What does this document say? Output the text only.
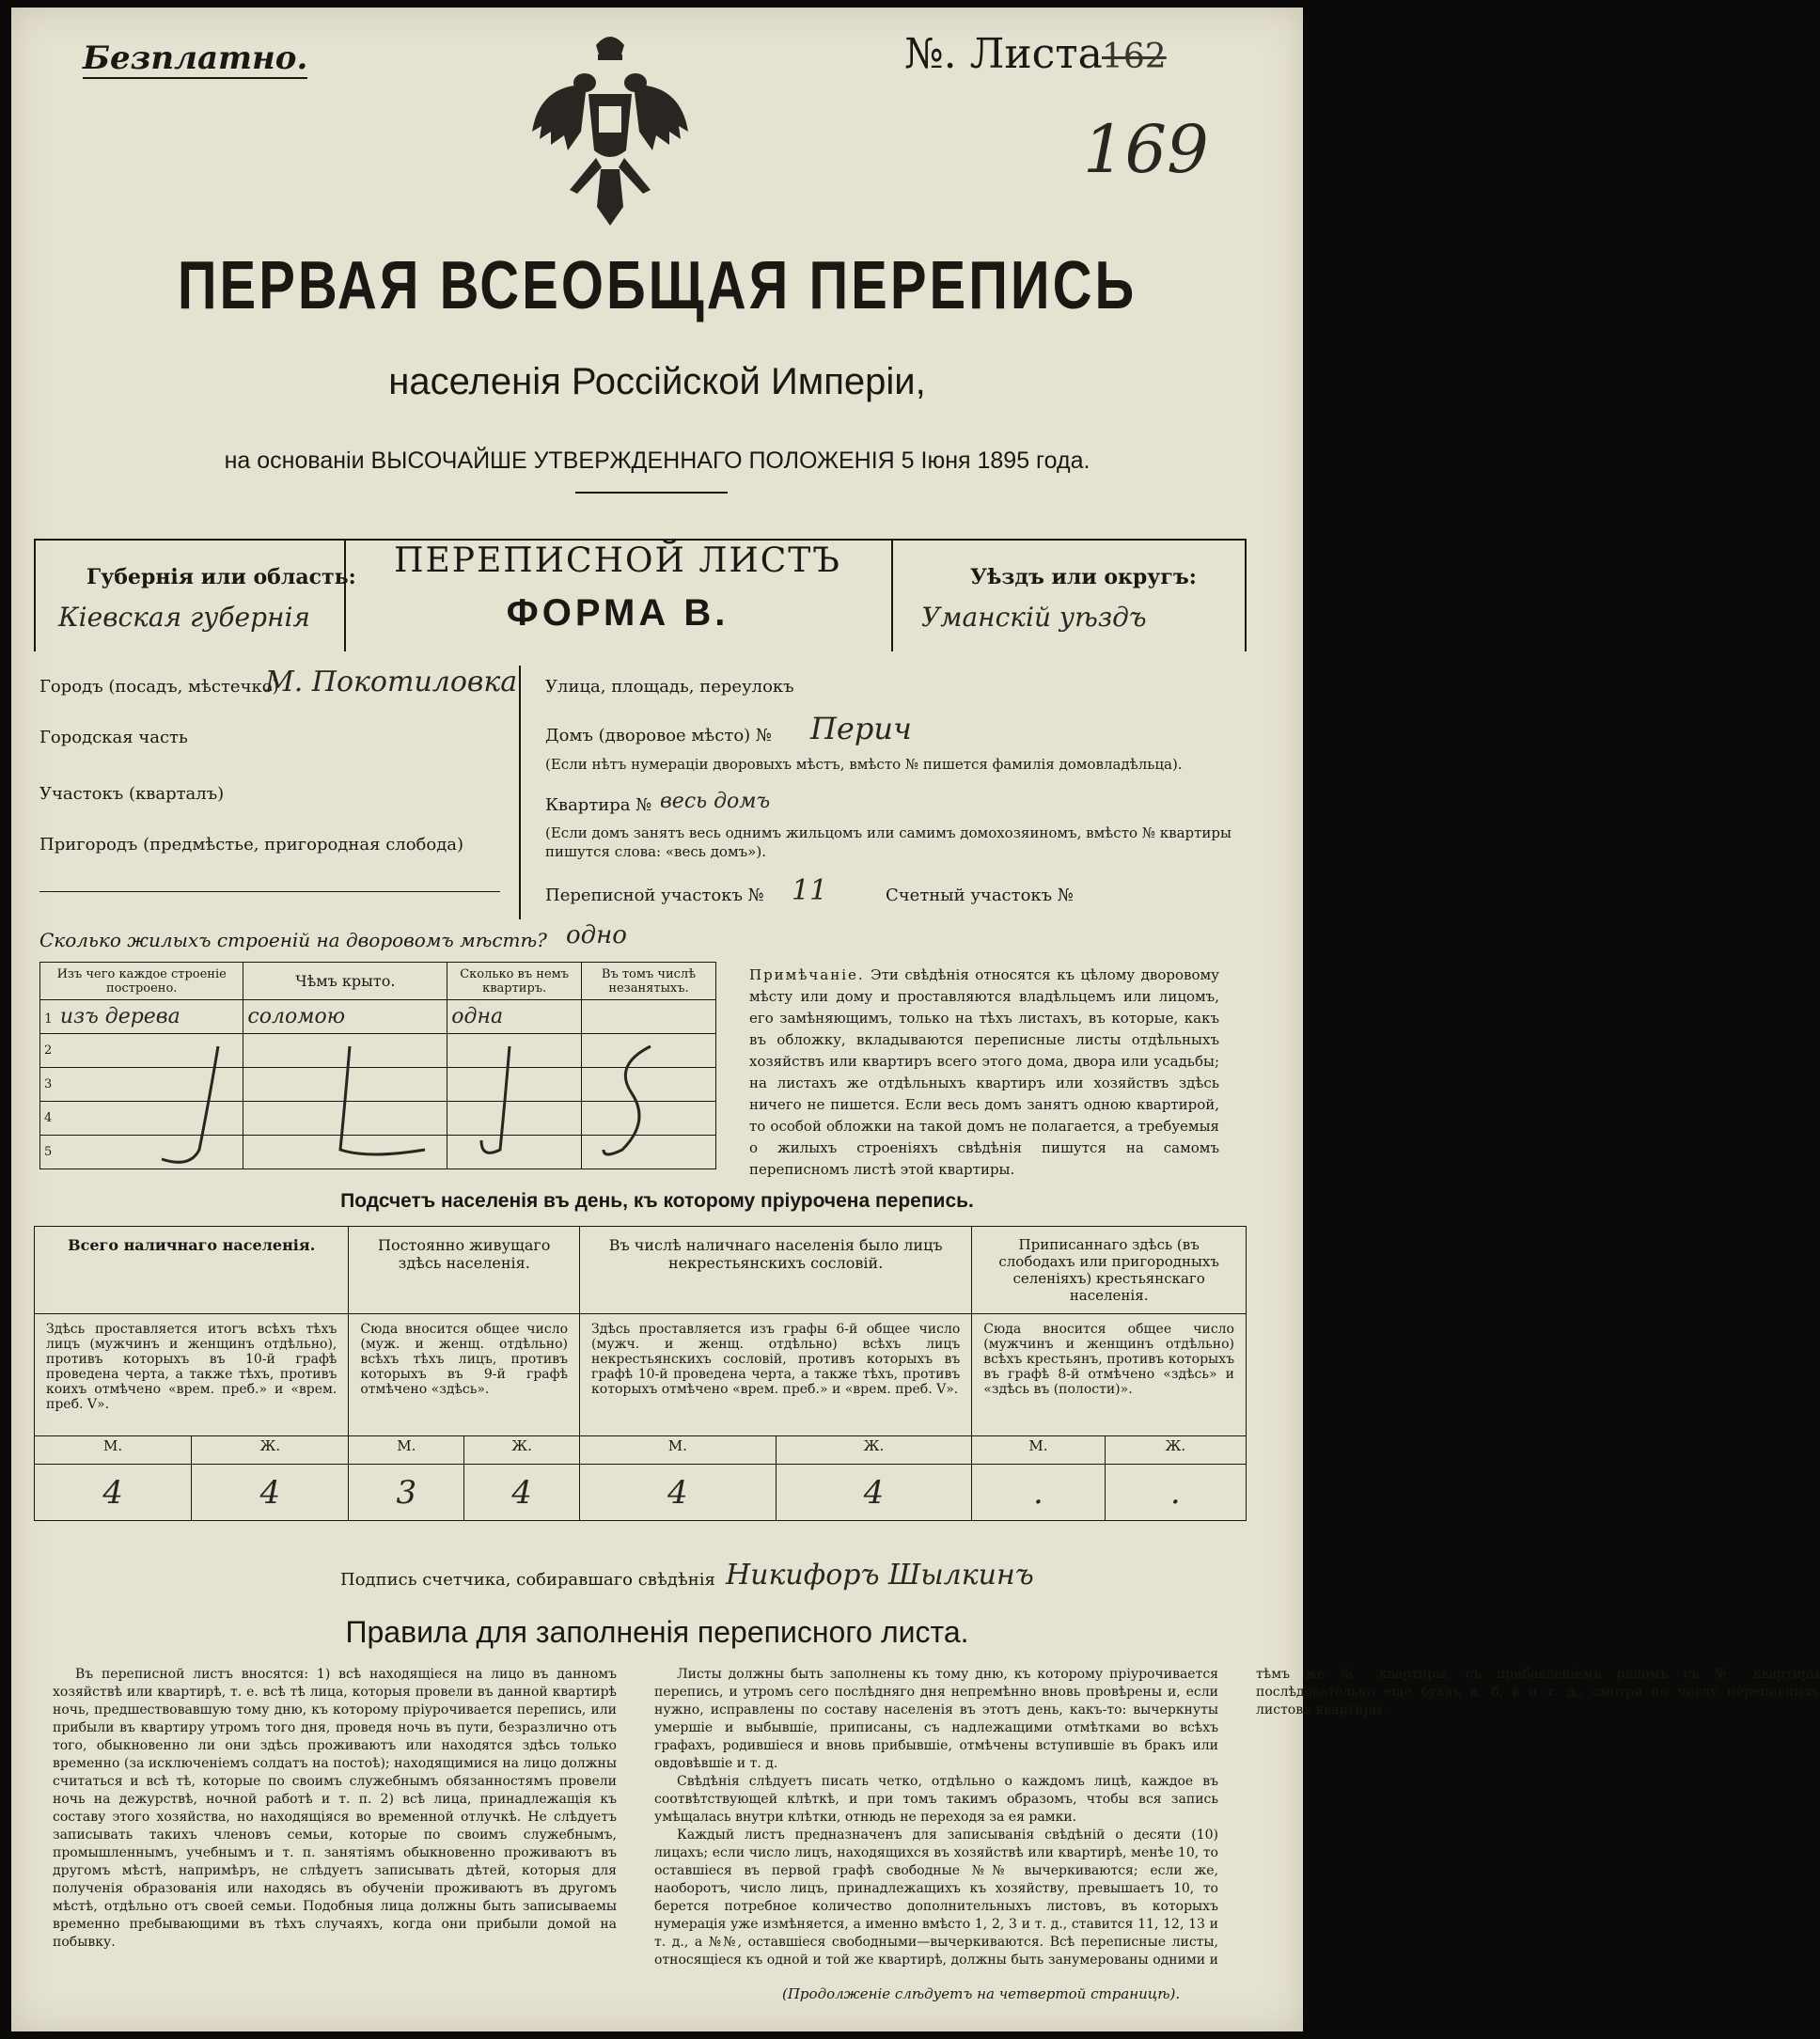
Безплатно.	№. Листа 162
169
ПЕРВАЯ ВСЕОБЩАЯ ПЕРЕПИСЬ
населенія Россійской Имперіи,
на основаніи ВЫСОЧАЙШЕ УТВЕРЖДЕННАГО ПОЛОЖЕНІЯ 5 Іюня 1895 года.
Губернія или область:
Кіевская губернія
ПЕРЕПИСНОЙ ЛИСТЪ
ФОРМА В.
Уѣздъ или округъ:
Уманскій уѣздъ
Городъ (посадъ, мѣстечко)
М. Покотиловка
Городская часть
Участокъ (кварталъ)
Пригородъ (предмѣстье, пригородная слобода)
Улица, площадь, переулокъ
Домъ (дворовое мѣсто) № Перич
(Если нѣтъ нумераціи дворовыхъ мѣстъ, вмѣсто № пишется фамилія домовладѣльца).
Квартира № весь домъ
(Если домъ занятъ весь однимъ жильцомъ или самимъ домохозяиномъ, вмѣсто № квартиры пишутся слова: «весь домъ»).
Переписной участокъ № 11	Счетный участокъ №
Сколько жилыхъ строеній на дворовомъ мѣстѣ? одно
Изъ чего каждое строеніе построено.	Чѣмъ крыто.	Сколько въ немъ квартиръ.	Въ томъ числѣ незанятыхъ.
1 изъ дерева	соломою	одна	
2			
3			
4			
5			
Примѣчаніе. Эти свѣдѣнія относятся къ цѣлому дворовому мѣсту или дому и проставляются владѣльцемъ или лицомъ, его замѣняющимъ, только на тѣхъ листахъ, въ которые, какъ въ обложку, вкладываются переписные листы отдѣльныхъ хозяйствъ или квартиръ всего этого дома, двора или усадьбы; на листахъ же отдѣльныхъ квартиръ или хозяйствъ здѣсь ничего не пишется. Если весь домъ занятъ одною квартирой, то особой обложки на такой домъ не полагается, а требуемыя о жилыхъ строеніяхъ свѣдѣнія пишутся на самомъ переписномъ листѣ этой квартиры.
Подсчетъ населенія въ день, къ которому пріурочена перепись.
Всего наличнаго населенія.		Постоянно живущаго здѣсь населенія.		Въ числѣ наличнаго населенія было лицъ некрестьянскихъ сословій.		Приписаннаго здѣсь (въ слободахъ или пригородныхъ селеніяхъ) крестьянскаго населенія.	
Здѣсь проставляется итогъ всѣхъ тѣхъ лицъ (мужчинъ и женщинъ отдѣльно), противъ которыхъ въ 10-й графѣ проведена черта, а также тѣхъ, противъ коихъ отмѣчено «врем. преб.» и «врем. преб. V».		Сюда вносится общее число (муж. и женщ. отдѣльно) всѣхъ тѣхъ лицъ, противъ которыхъ въ 9-й графѣ отмѣчено «здѣсь».		Здѣсь проставляется изъ графы 6-й общее число (мужч. и женщ. отдѣльно) всѣхъ лицъ некрестьянскихъ сословій, противъ которыхъ въ графѣ 10-й проведена черта, а также тѣхъ, противъ которыхъ отмѣчено «врем. преб.» и «врем. преб. V».		Сюда вносится общее число (мужчинъ и женщинъ отдѣльно) всѣхъ крестьянъ, противъ которыхъ въ графѣ 8-й отмѣчено «здѣсь» и «здѣсь въ (полости)».	
М.	Ж.	М.	Ж.	М.	Ж.	М.	Ж.
4	4	3	4	4	4	.	.
Подпись счетчика, собиравшаго свѣдѣнія Никифоръ Шылкинъ
Правила для заполненія переписного листа.

Въ переписной листъ вносятся: 1) всѣ находящіеся на лицо въ данномъ хозяйствѣ или квартирѣ, т. е. всѣ тѣ лица, которыя провели въ данной квартирѣ ночь, предшествовавшую тому дню, къ которому пріурочивается перепись, или прибыли въ квартиру утромъ того дня, проведя ночь въ пути, безразлично отъ того, обыкновенно ли они здѣсь проживаютъ или находятся здѣсь только временно (за исключеніемъ солдатъ на постоѣ); находящимися на лицо должны считаться и всѣ тѣ, которые по своимъ служебнымъ обязанностямъ провели ночь на дежурствѣ, ночной работѣ и т. п. 2) всѣ лица, принадлежащія къ составу этого хозяйства, но находящіяся во временной отлучкѣ. Не слѣдуетъ записывать такихъ членовъ семьи, которые по своимъ служебнымъ, промышленнымъ, учебнымъ и т. п. занятіямъ обыкновенно проживаютъ въ другомъ мѣстѣ, напримѣръ, не слѣдуетъ записывать дѣтей, которыя для полученія образованія или находясь въ обученіи проживаютъ въ другомъ мѣстѣ, отдѣльно отъ своей семьи. Подобныя лица должны быть записываемы временно пребывающими въ тѣхъ случаяхъ, когда они прибыли домой на побывку.

Листы должны быть заполнены къ тому дню, къ которому пріурочивается перепись, и утромъ сего послѣдняго дня непремѣнно вновь провѣрены и, если нужно, исправлены по составу населенія въ этотъ день, какъ-то: вычеркнуты умершіе и выбывшіе, приписаны, съ надлежащими отмѣтками во всѣхъ графахъ, родившіеся и вновь прибывшіе, отмѣчены вступившіе въ бракъ или овдовѣвшіе и т. д.

Свѣдѣнія слѣдуетъ писать четко, отдѣльно о каждомъ лицѣ, каждое въ соотвѣтствующей клѣткѣ, и при томъ такимъ образомъ, чтобы вся запись умѣщалась внутри клѣтки, отнюдь не переходя за ея рамки.

Каждый листъ предназначенъ для записыванія свѣдѣній о десяти (10) лицахъ; если число лицъ, находящихся въ хозяйствѣ или квартирѣ, менѣе 10, то оставшіеся въ первой графѣ свободные №№ вычеркиваются; если же, наоборотъ, число лицъ, принадлежащихъ къ хозяйству, превышаетъ 10, то берется потребное количество дополнительныхъ листовъ, въ которыхъ нумерація уже измѣняется, а именно вмѣсто 1, 2, 3 и т. д., ставится 11, 12, 13 и т. д., а №№, оставшіеся свободными—вычеркиваются. Всѣ переписные листы, относящіеся къ одной и той же квартирѣ, должны быть занумерованы одними и тѣмъ же № квартиры, съ прибавленіемъ рядомъ съ № квартиры послѣдовательно еще буквъ а, б, в и т. д., смотря по числу переписныхъ листовъ квартиры.

(Продолженіе слѣдуетъ на четвертой страницѣ).
